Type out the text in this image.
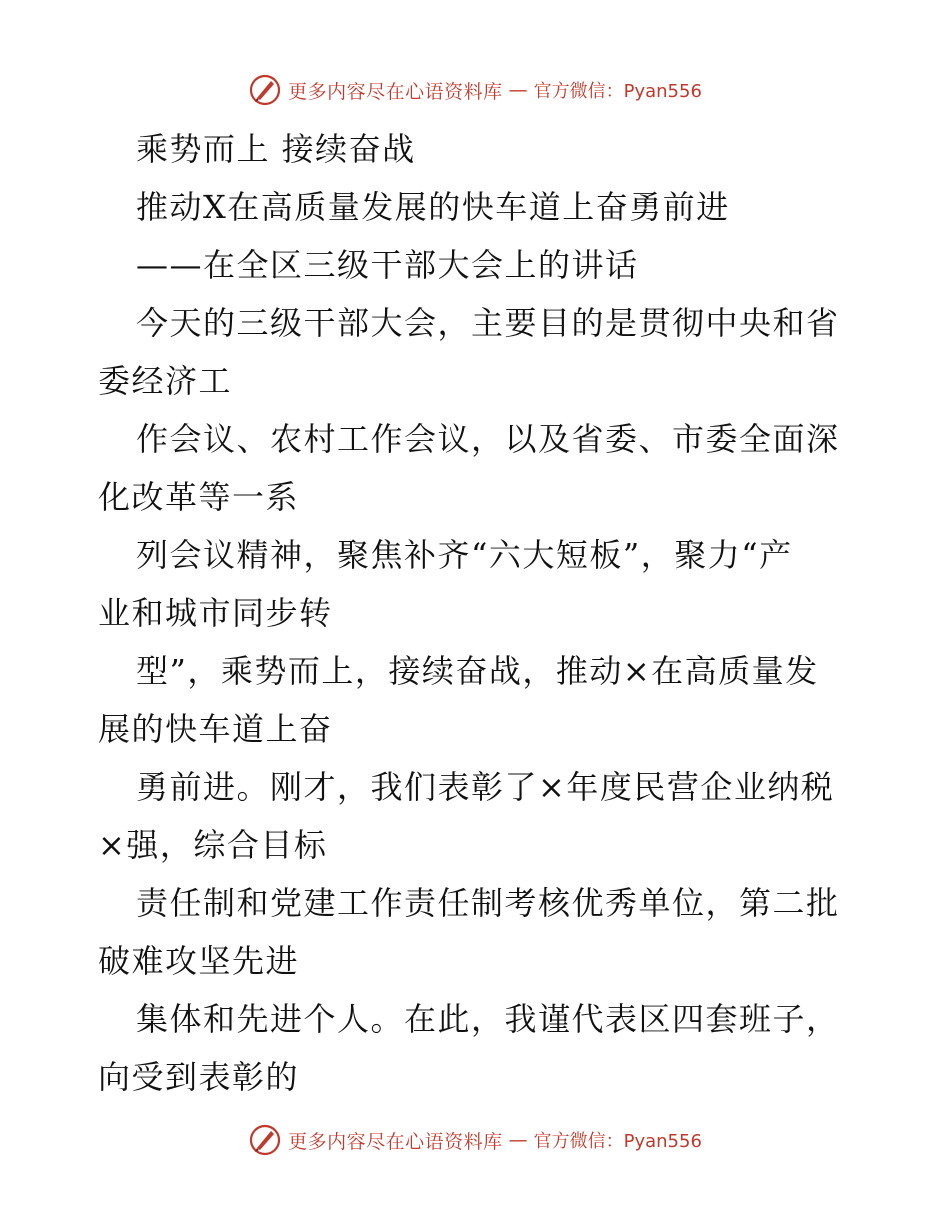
更多内容尽在心语资料库 — 官方微信：Pyan556
乘势而上 接续奋战
推动X在高质量发展的快车道上奋勇前进
——在全区三级干部大会上的讲话
今天的三级干部大会，主要目的是贯彻中央和省
委经济工
作会议、农村工作会议，以及省委、市委全面深
化改革等一系
列会议精神，聚焦补齐“六大短板”，聚力“产
业和城市同步转
型”，乘势而上，接续奋战，推动×在高质量发
展的快车道上奋
勇前进。刚才，我们表彰了×年度民营企业纳税
×强，综合目标
责任制和党建工作责任制考核优秀单位，第二批
破难攻坚先进
集体和先进个人。在此，我谨代表区四套班子，
向受到表彰的
更多内容尽在心语资料库 — 官方微信：Pyan556
